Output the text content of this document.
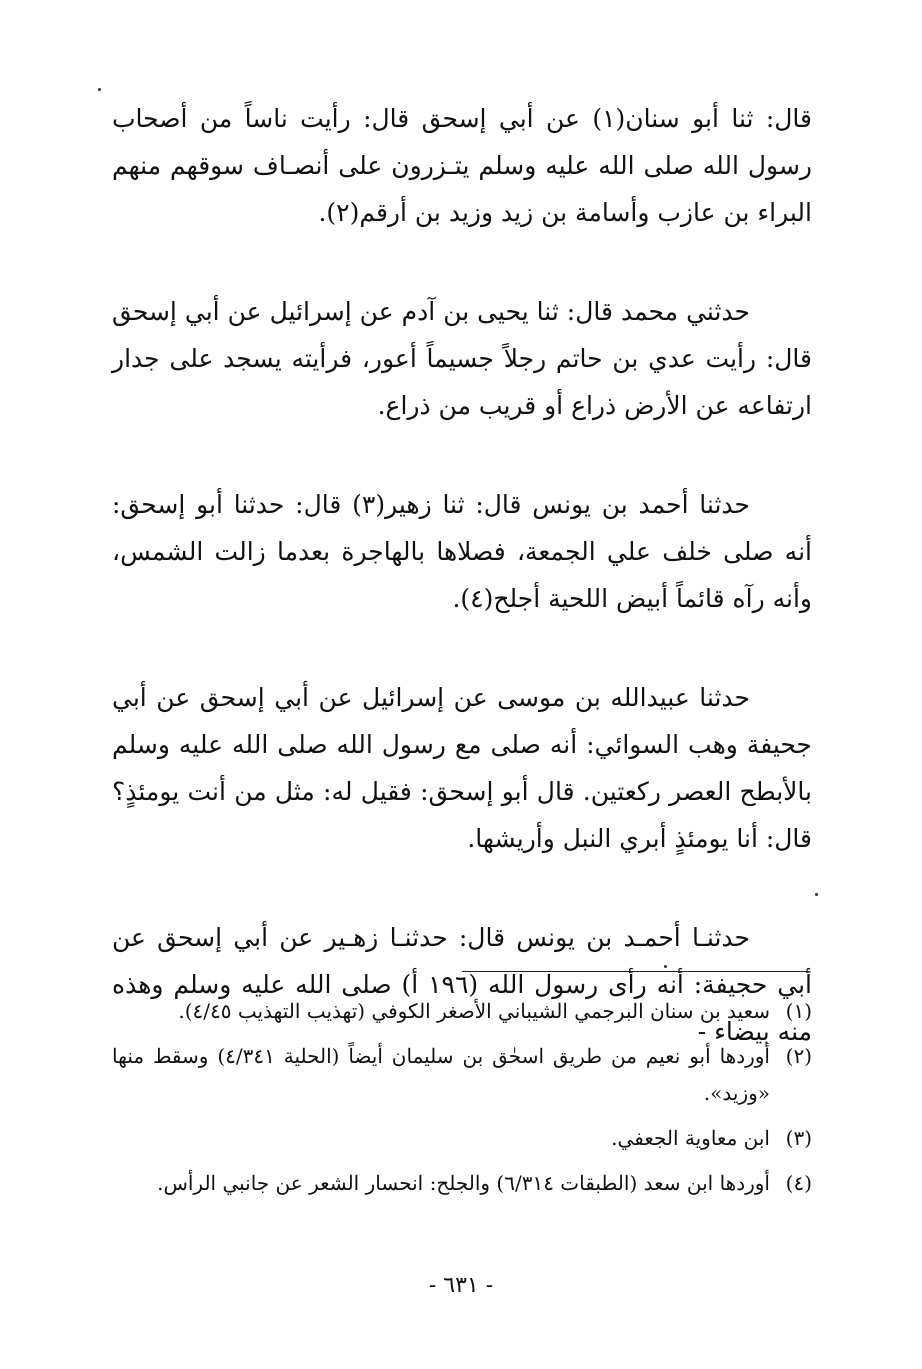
قال: ثنا أبو سنان(١) عن أبي إسحق قال: رأيت ناساً من أصحاب رسول الله صلى الله عليه وسلم يتـزرون على أنصـاف سوقهم منهم البراء بن عازب وأسامة بن زيد وزيد بن أرقم(٢).

حدثني محمد قال: ثنا يحيى بن آدم عن إسرائيل عن أبي إسحق قال: رأيت عدي بن حاتم رجلاً جسيماً أعور، فرأيته يسجد على جدار ارتفاعه عن الأرض ذراع أو قريب من ذراع.

حدثنا أحمد بن يونس قال: ثنا زهير(٣) قال: حدثنا أبو إسحق: أنه صلى خلف علي الجمعة، فصلاها بالهاجرة بعدما زالت الشمس، وأنه رآه قائماً أبيض اللحية أجلح(٤).

حدثنا عبيدالله بن موسى عن إسرائيل عن أبي إسحق عن أبي جحيفة وهب السوائي: أنه صلى مع رسول الله صلى الله عليه وسلم بالأبطح العصر ركعتين. قال أبو إسحق: فقيل له: مثل من أنت يومئذٍ؟ قال: أنا يومئذٍ أبري النبل وأريشها.

حدثنـا أحمـد بن يونس قال: حدثنـا زهـير عن أبي إسحق عن أبي حجيفة: أنه رأى رسول الله (١٩٦ أ) صلى الله عليه وسلم وهذه منه بيضاء -

(١)
سعيد بن سنان البرجمي الشيباني الأصغر الكوفي (تهذيب التهذيب ٤/٤٥).
(٢)
أوردها أبو نعيم من طريق اسحٰق بن سليمان أيضاً (الحلية ٤/٣٤١) وسقط منها «وزيد».
(٣)
ابن معاوية الجعفي.
(٤)
أوردها ابن سعد (الطبقات ٦/٣١٤) والجلح: انحسار الشعر عن جانبي الرأس.
- ٦٣١ -
